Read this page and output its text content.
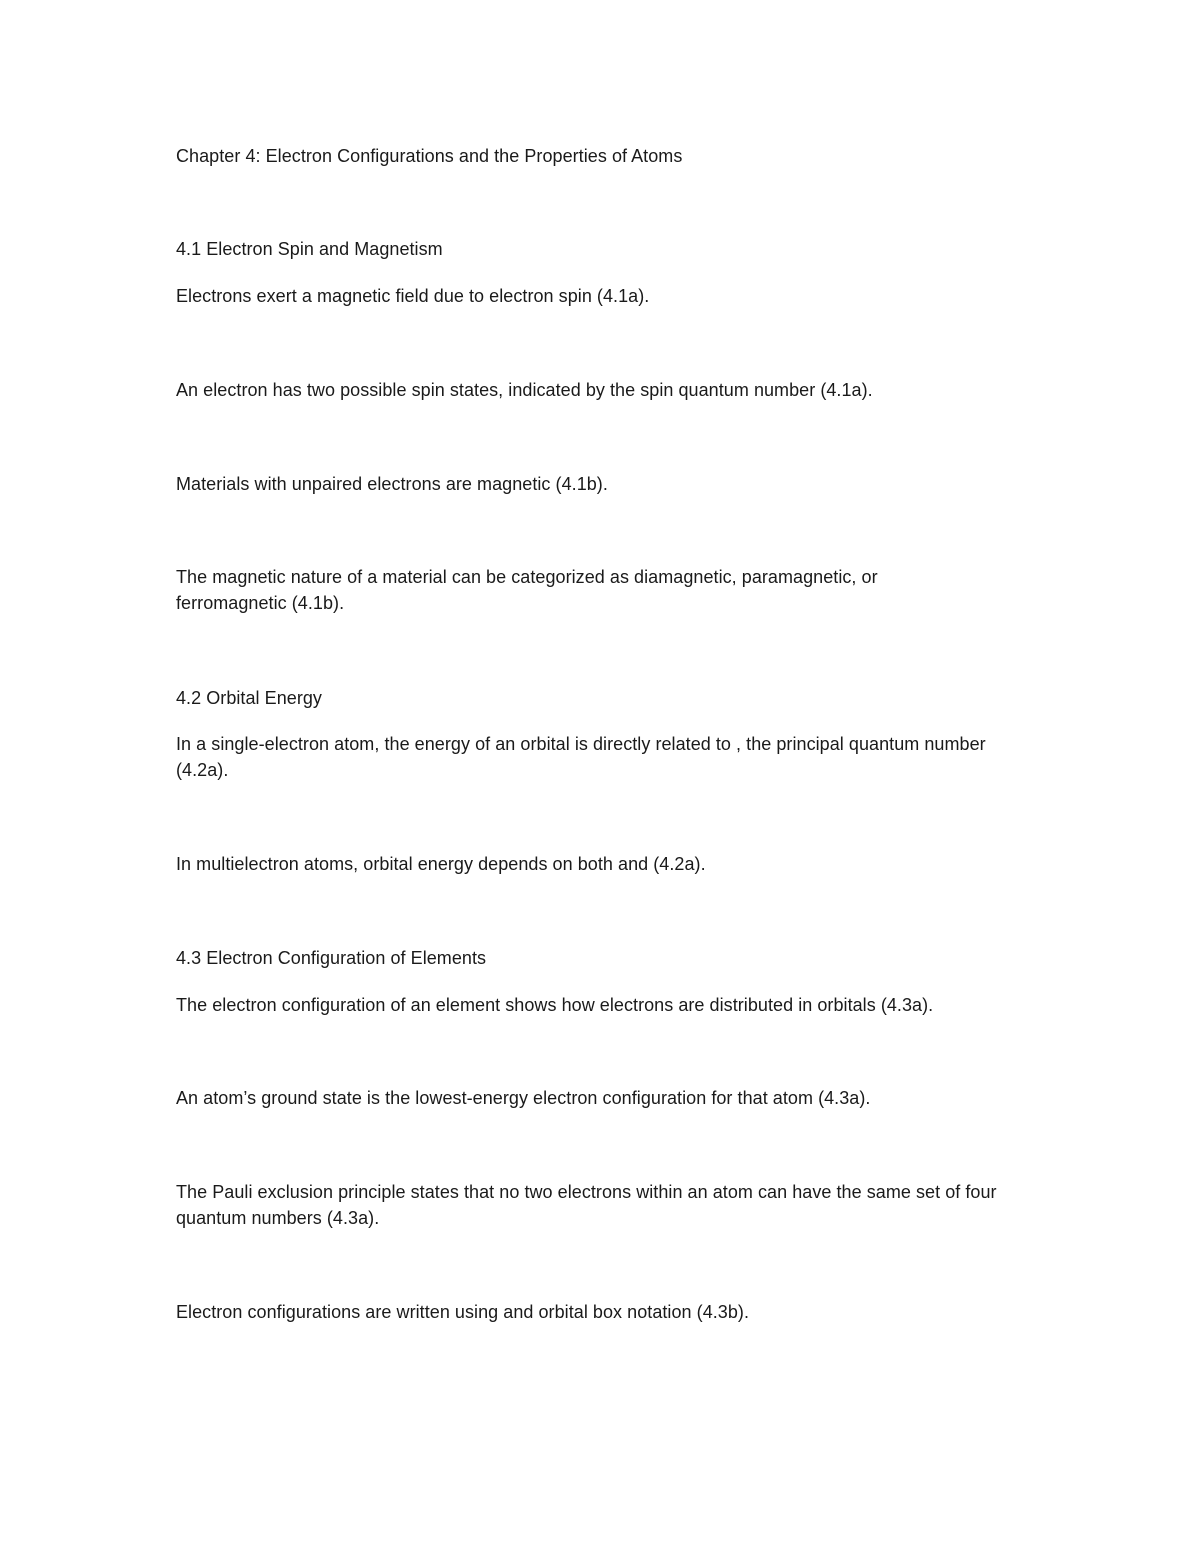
Chapter 4: Electron Configurations and the Properties of Atoms
4.1 Electron Spin and Magnetism
Electrons exert a magnetic field due to electron spin (4.1a).
An electron has two possible spin states, indicated by the spin quantum number (4.1a).
Materials with unpaired electrons are magnetic (4.1b).
The magnetic nature of a material can be categorized as diamagnetic, paramagnetic, or ferromagnetic (4.1b).
4.2 Orbital Energy
In a single-electron atom, the energy of an orbital is directly related to , the principal quantum number (4.2a).
In multielectron atoms, orbital energy depends on both and (4.2a).
4.3 Electron Configuration of Elements
The electron configuration of an element shows how electrons are distributed in orbitals (4.3a).
An atom’s ground state is the lowest-energy electron configuration for that atom (4.3a).
The Pauli exclusion principle states that no two electrons within an atom can have the same set of four quantum numbers (4.3a).
Electron configurations are written using and orbital box notation (4.3b).
